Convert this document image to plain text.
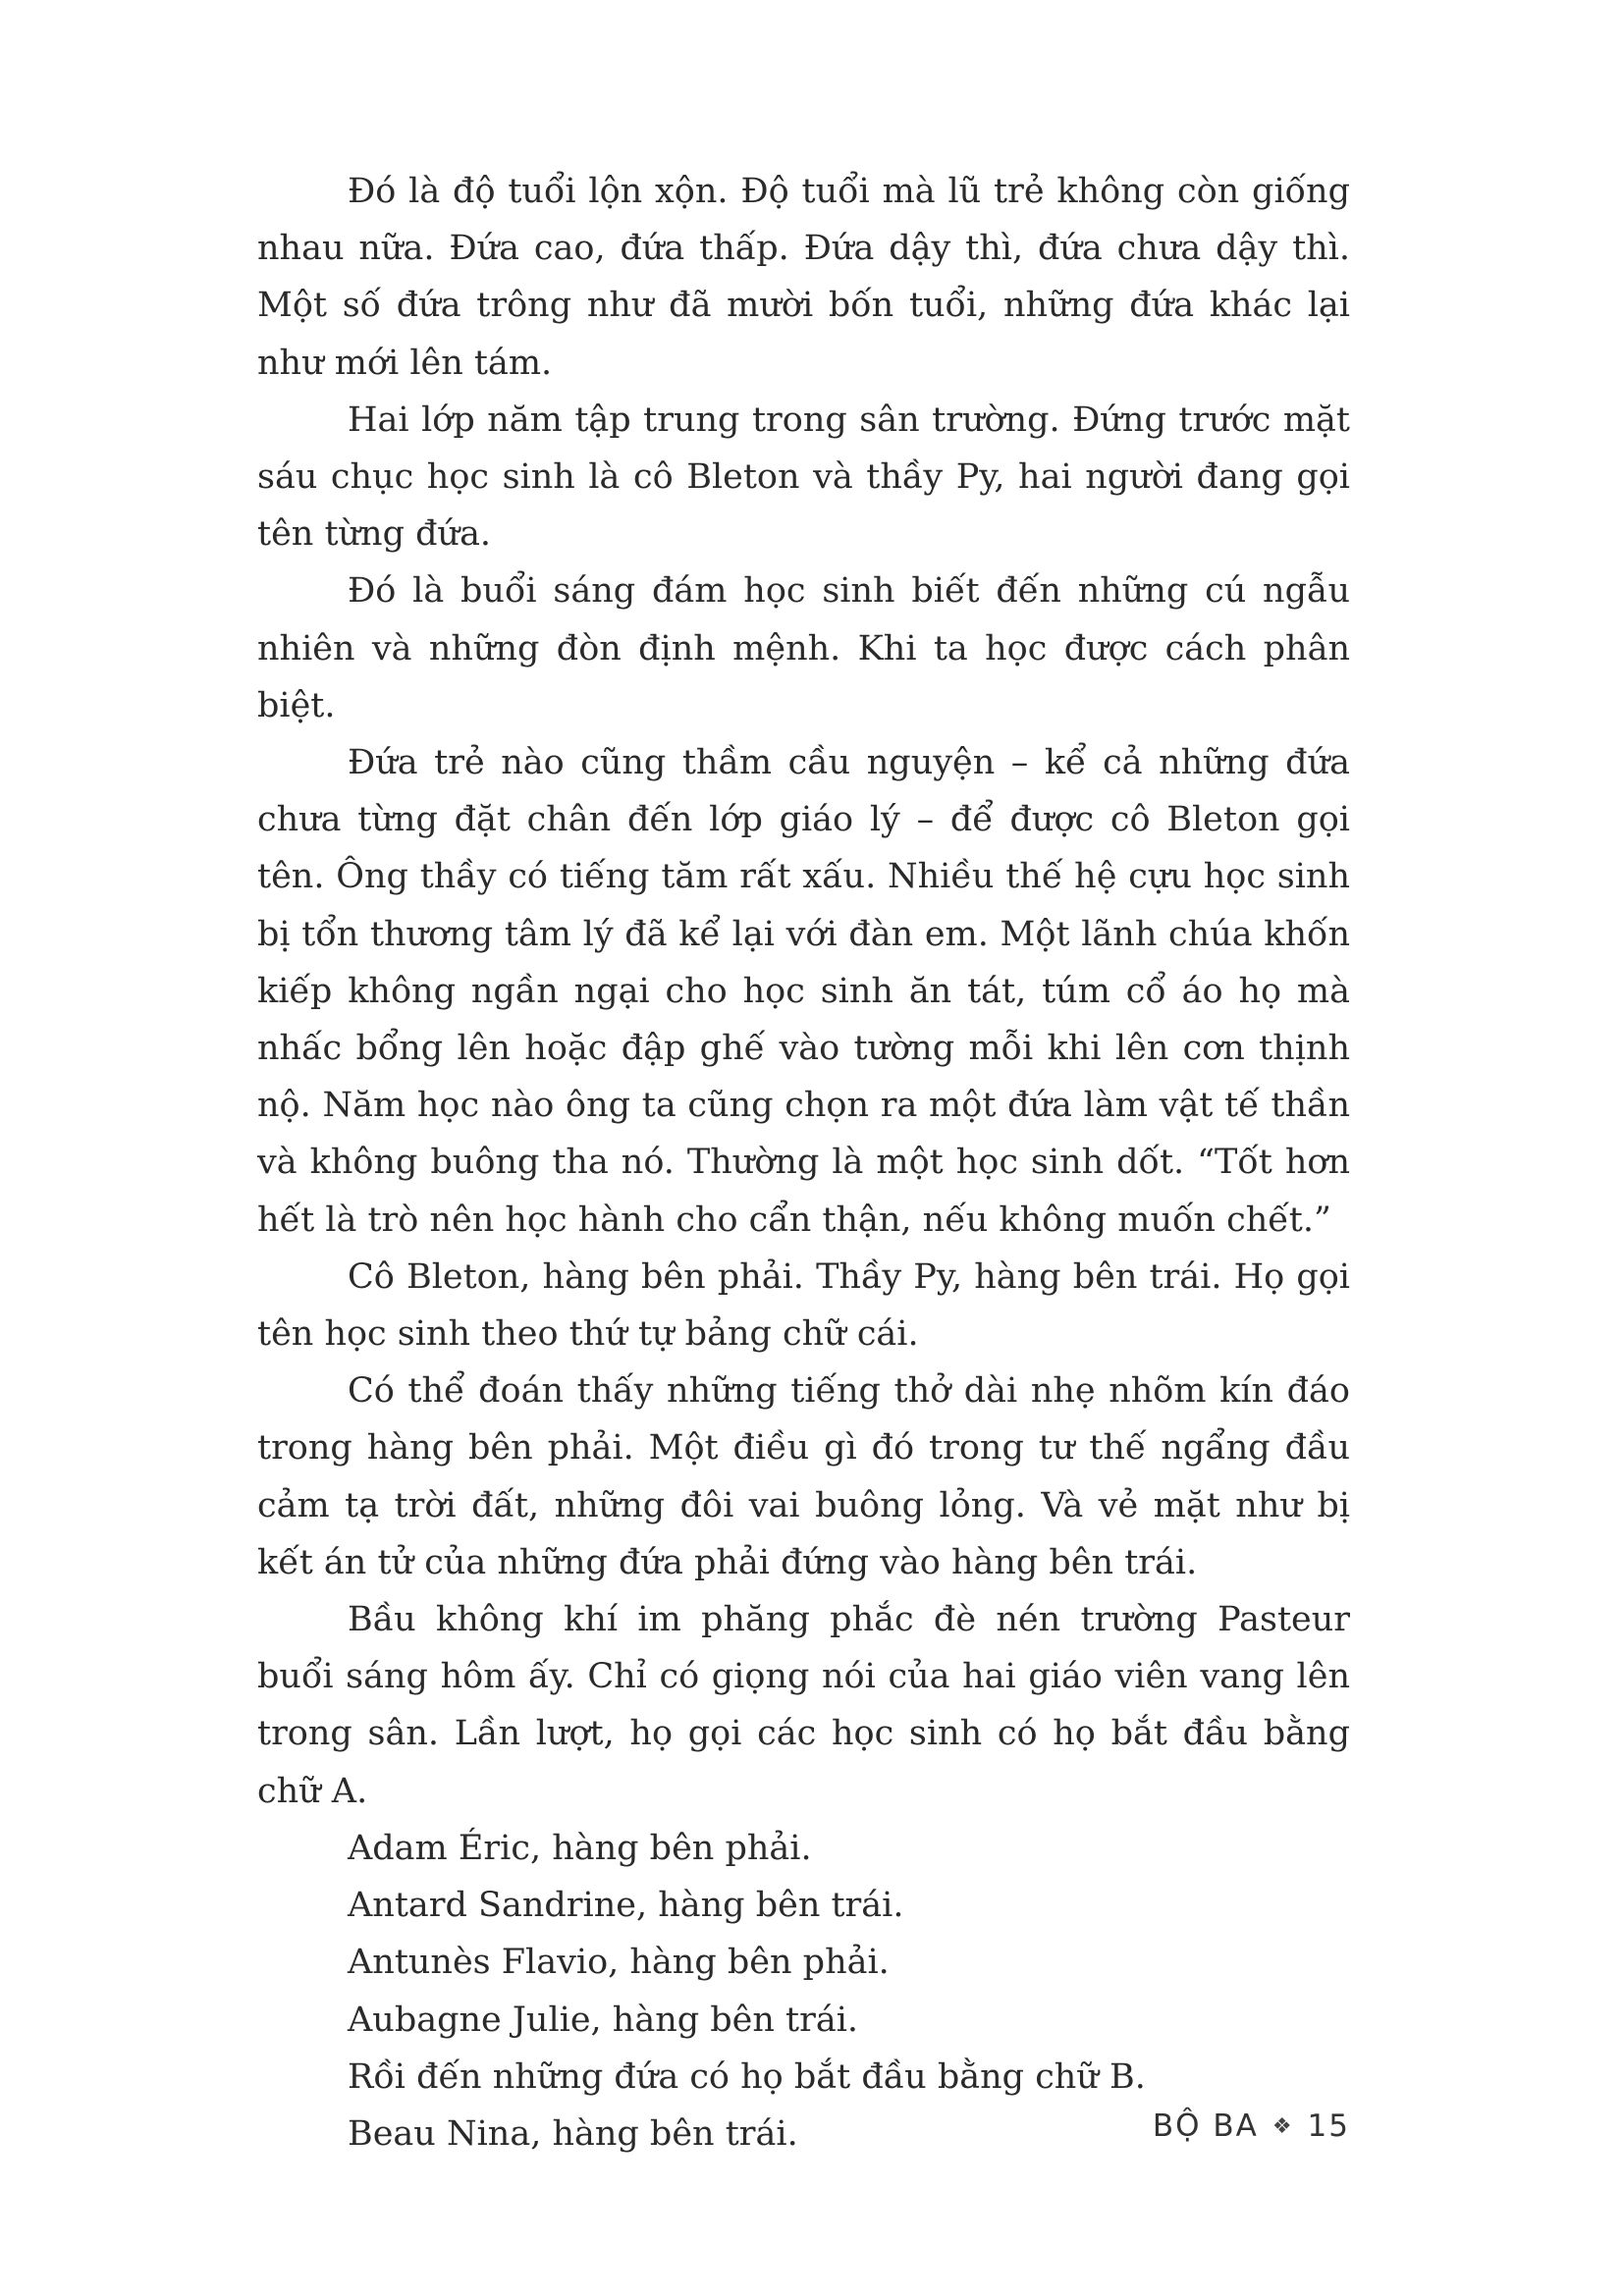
Đó là độ tuổi lộn xộn. Độ tuổi mà lũ trẻ không còn giống nhau nữa. Đứa cao, đứa thấp. Đứa dậy thì, đứa chưa dậy thì. Một số đứa trông như đã mười bốn tuổi, những đứa khác lại như mới lên tám.

Hai lớp năm tập trung trong sân trường. Đứng trước mặt sáu chục học sinh là cô Bleton và thầy Py, hai người đang gọi tên từng đứa.

Đó là buổi sáng đám học sinh biết đến những cú ngẫu nhiên và những đòn định mệnh. Khi ta học được cách phân biệt.

Đứa trẻ nào cũng thầm cầu nguyện – kể cả những đứa chưa từng đặt chân đến lớp giáo lý – để được cô Bleton gọi tên. Ông thầy có tiếng tăm rất xấu. Nhiều thế hệ cựu học sinh bị tổn thương tâm lý đã kể lại với đàn em. Một lãnh chúa khốn kiếp không ngần ngại cho học sinh ăn tát, túm cổ áo họ mà nhấc bổng lên hoặc đập ghế vào tường mỗi khi lên cơn thịnh nộ. Năm học nào ông ta cũng chọn ra một đứa làm vật tế thần và không buông tha nó. Thường là một học sinh dốt. “Tốt hơn hết là trò nên học hành cho cẩn thận, nếu không muốn chết.”

Cô Bleton, hàng bên phải. Thầy Py, hàng bên trái. Họ gọi tên học sinh theo thứ tự bảng chữ cái.

Có thể đoán thấy những tiếng thở dài nhẹ nhõm kín đáo trong hàng bên phải. Một điều gì đó trong tư thế ngẩng đầu cảm tạ trời đất, những đôi vai buông lỏng. Và vẻ mặt như bị kết án tử của những đứa phải đứng vào hàng bên trái.

Bầu không khí im phăng phắc đè nén trường Pasteur buổi sáng hôm ấy. Chỉ có giọng nói của hai giáo viên vang lên trong sân. Lần lượt, họ gọi các học sinh có họ bắt đầu bằng chữ A.

Adam Éric, hàng bên phải.

Antard Sandrine, hàng bên trái.

Antunès Flavio, hàng bên phải.

Aubagne Julie, hàng bên trái.

Rồi đến những đứa có họ bắt đầu bằng chữ B.

Beau Nina, hàng bên trái.	BỘ BA ❖ 15
